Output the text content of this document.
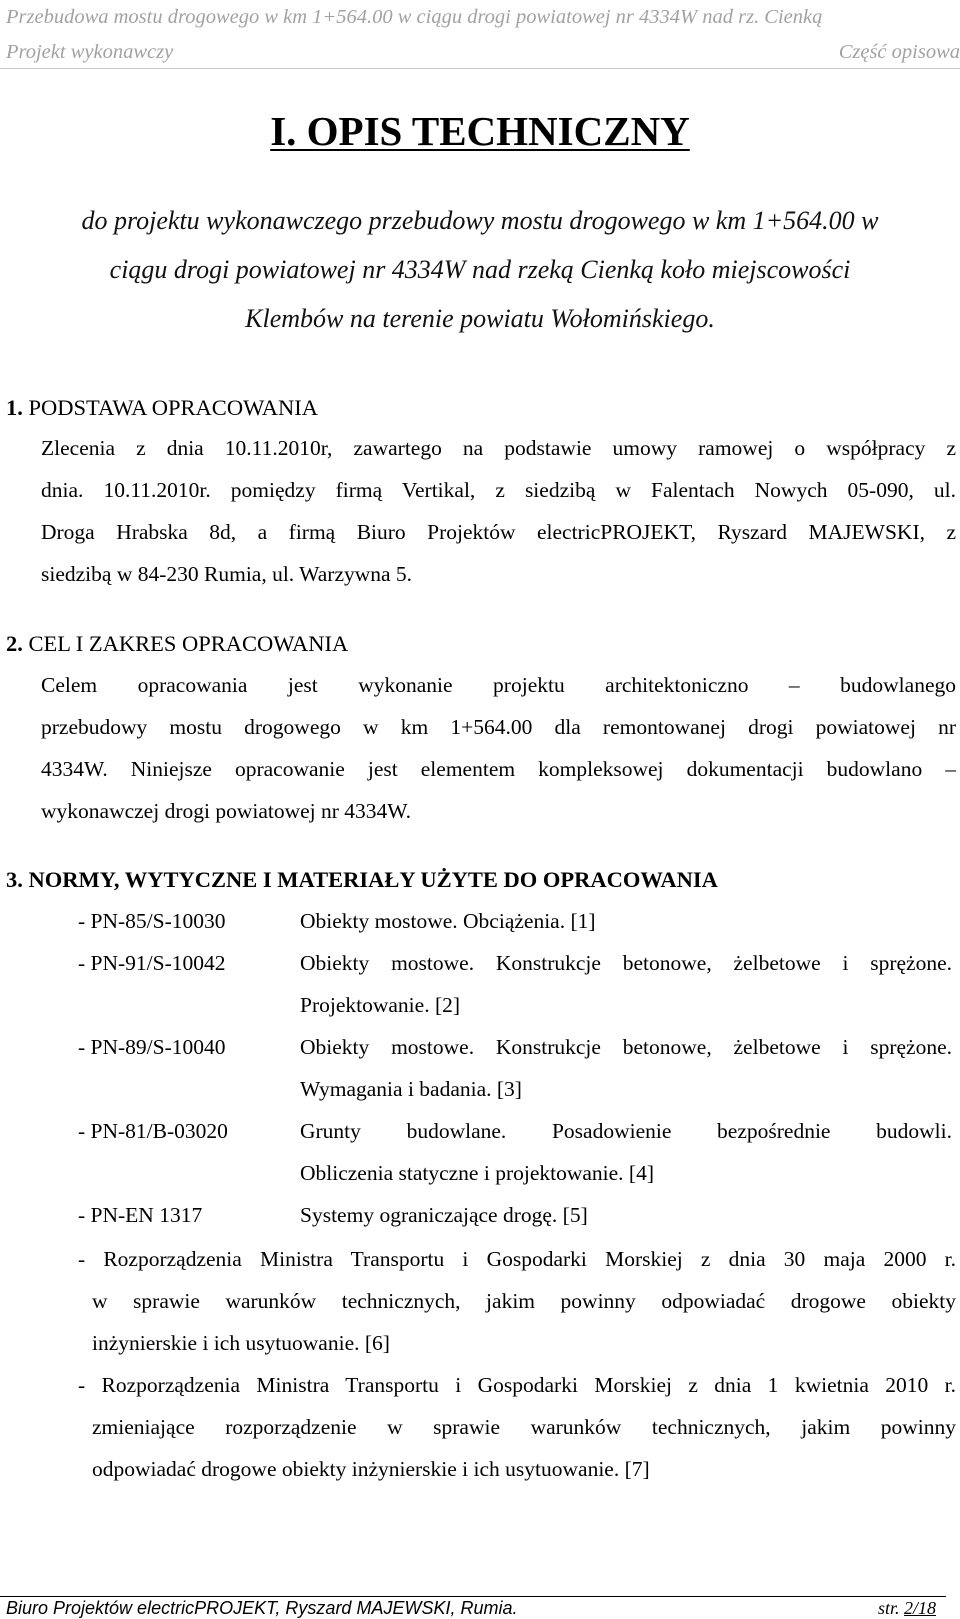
Przebudowa mostu drogowego w km 1+564.00 w ciągu drogi powiatowej nr 4334W nad rz. Cienką
Projekt wykonawczy	Część opisowa
I. OPIS TECHNICZNY
do projektu wykonawczego przebudowy mostu drogowego w km 1+564.00 w
ciągu drogi powiatowej nr 4334W nad rzeką Cienką koło miejscowości
Klembów na terenie powiatu Wołomińskiego.
1. PODSTAWA OPRACOWANIA
Zlecenia z dnia 10.11.2010r, zawartego na podstawie umowy ramowej o współpracy z
dnia. 10.11.2010r. pomiędzy firmą Vertikal, z siedzibą w Falentach Nowych 05-090, ul.
Droga Hrabska 8d, a firmą Biuro Projektów electricPROJEKT, Ryszard MAJEWSKI, z
siedzibą w 84-230 Rumia, ul. Warzywna 5.
2. CEL I ZAKRES OPRACOWANIA
Celem opracowania jest wykonanie projektu architektoniczno – budowlanego
przebudowy mostu drogowego w km 1+564.00 dla remontowanej drogi powiatowej nr
4334W. Niniejsze opracowanie jest elementem kompleksowej dokumentacji budowlano –
wykonawczej drogi powiatowej nr 4334W.
3. NORMY, WYTYCZNE I MATERIAŁY UŻYTE DO OPRACOWANIA
- PN-85/S-10030	Obiekty mostowe. Obciążenia. [1]
- PN-91/S-10042	Obiekty mostowe. Konstrukcje betonowe, żelbetowe i sprężone.
Projektowanie. [2]
- PN-89/S-10040	Obiekty mostowe. Konstrukcje betonowe, żelbetowe i sprężone.
Wymagania i badania. [3]
- PN-81/B-03020	Grunty budowlane. Posadowienie bezpośrednie budowli.
Obliczenia statyczne i projektowanie. [4]
- PN-EN 1317	Systemy ograniczające drogę. [5]
- Rozporządzenia Ministra Transportu i Gospodarki Morskiej z dnia 30 maja 2000 r.
w sprawie warunków technicznych, jakim powinny odpowiadać drogowe obiekty
inżynierskie i ich usytuowanie. [6]
- Rozporządzenia Ministra Transportu i Gospodarki Morskiej z dnia 1 kwietnia 2010 r.
zmieniające rozporządzenie w sprawie warunków technicznych, jakim powinny
odpowiadać drogowe obiekty inżynierskie i ich usytuowanie. [7]
Biuro Projektów electricPROJEKT, Ryszard MAJEWSKI, Rumia.	str. 2/18
